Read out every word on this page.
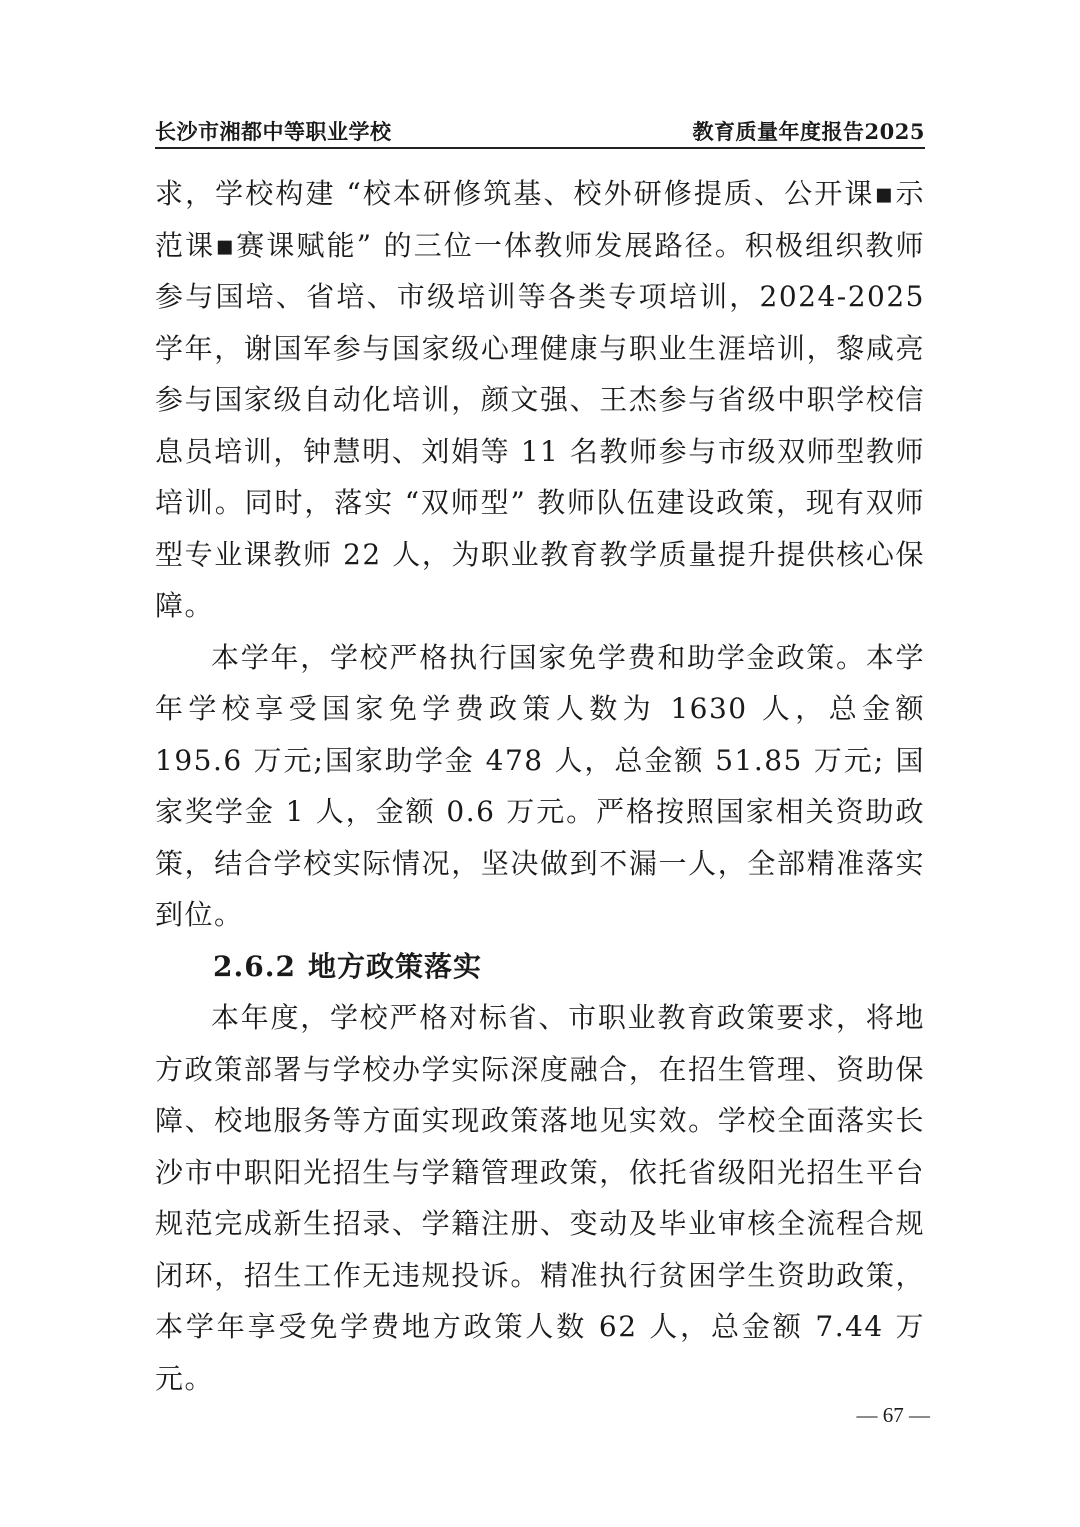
长沙市湘都中等职业学校	教育质量年度报告2025

求，学校构建 “校本研修筑基、校外研修提质、公开课▪示范课▪赛课赋能” 的三位一体教师发展路径。积极组织教师参与国培、省培、市级培训等各类专项培训，2024-2025 学年，谢国军参与国家级心理健康与职业生涯培训，黎咸亮参与国家级自动化培训，颜文强、王杰参与省级中职学校信息员培训，钟慧明、刘娟等 11 名教师参与市级双师型教师培训。同时，落实 “双师型” 教师队伍建设政策，现有双师型专业课教师 22 人，为职业教育教学质量提升提供核心保障。

本学年，学校严格执行国家免学费和助学金政策。本学年学校享受国家免学费政策人数为 1630 人，总金额 195.6 万元;国家助学金 478 人，总金额 51.85 万元; 国家奖学金 1 人，金额 0.6 万元。严格按照国家相关资助政策，结合学校实际情况，坚决做到不漏一人，全部精准落实到位。

2.6.2 地方政策落实

本年度，学校严格对标省、市职业教育政策要求，将地方政策部署与学校办学实际深度融合，在招生管理、资助保障、校地服务等方面实现政策落地见实效。学校全面落实长沙市中职阳光招生与学籍管理政策，依托省级阳光招生平台规范完成新生招录、学籍注册、变动及毕业审核全流程合规闭环，招生工作无违规投诉。精准执行贫困学生资助政策，本学年享受免学费地方政策人数 62 人，总金额 7.44 万元。

— 67 —
